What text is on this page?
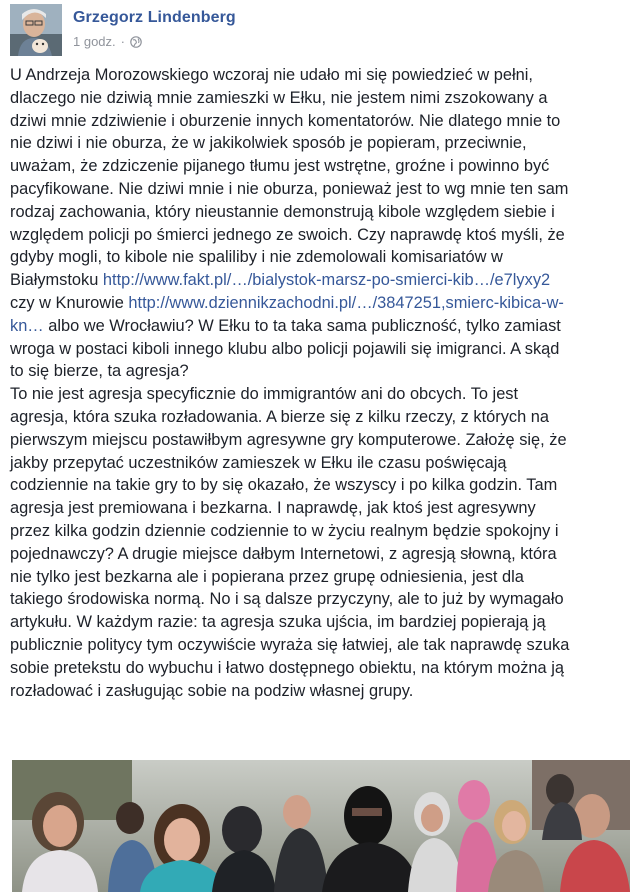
Grzegorz Lindenberg
1 godz. ·
U Andrzeja Morozowskiego wczoraj nie udało mi się powiedzieć w pełni,
dlaczego nie dziwią mnie zamieszki w Ełku, nie jestem nimi zszokowany a
dziwi mnie zdziwienie i oburzenie innych komentatorów. Nie dlatego mnie to
nie dziwi i nie oburza, że w jakikolwiek sposób je popieram, przeciwnie,
uważam, że zdziczenie pijanego tłumu jest wstrętne, groźne i powinno być
pacyfikowane. Nie dziwi mnie i nie oburza, ponieważ jest to wg mnie ten sam
rodzaj zachowania, który nieustannie demonstrują kibole względem siebie i
względem policji po śmierci jednego ze swoich. Czy naprawdę ktoś myśli, że
gdyby mogli, to kibole nie spaliliby i nie zdemolowali komisariatów w
Białymstoku http://www.fakt.pl/…/bialystok-marsz-po-smierci-kib…/e7lyxy2
czy w Knurowie http://www.dziennikzachodni.pl/…/3847251,smierc-kibica-w-
kn… albo we Wrocławiu? W Ełku to ta taka sama publiczność, tylko zamiast
wroga w postaci kiboli innego klubu albo policji pojawili się imigranci. A skąd
to się bierze, ta agresja?
To nie jest agresja specyficznie do immigrantów ani do obcych. To jest
agresja, która szuka rozładowania. A bierze się z kilku rzeczy, z których na
pierwszym miejscu postawiłbym agresywne gry komputerowe. Założę się, że
jakby przepytać uczestników zamieszek w Ełku ile czasu poświęcają
codziennie na takie gry to by się okazało, że wszyscy i po kilka godzin. Tam
agresja jest premiowana i bezkarna. I naprawdę, jak ktoś jest agresywny
przez kilka godzin dziennie codziennie to w życiu realnym będzie spokojny i
pojednawczy? A drugie miejsce dałbym Internetowi, z agresją słowną, która
nie tylko jest bezkarna ale i popierana przez grupę odniesienia, jest dla
takiego środowiska normą. No i są dalsze przyczyny, ale to już by wymagało
artykułu. W każdym razie: ta agresja szuka ujścia, im bardziej popierają ją
publicznie politycy tym oczywiście wyraża się łatwiej, ale tak naprawdę szuka
sobie pretekstu do wybuchu i łatwo dostępnego obiektu, na którym można ją
rozładować i zasługując sobie na podziw własnej grupy.
